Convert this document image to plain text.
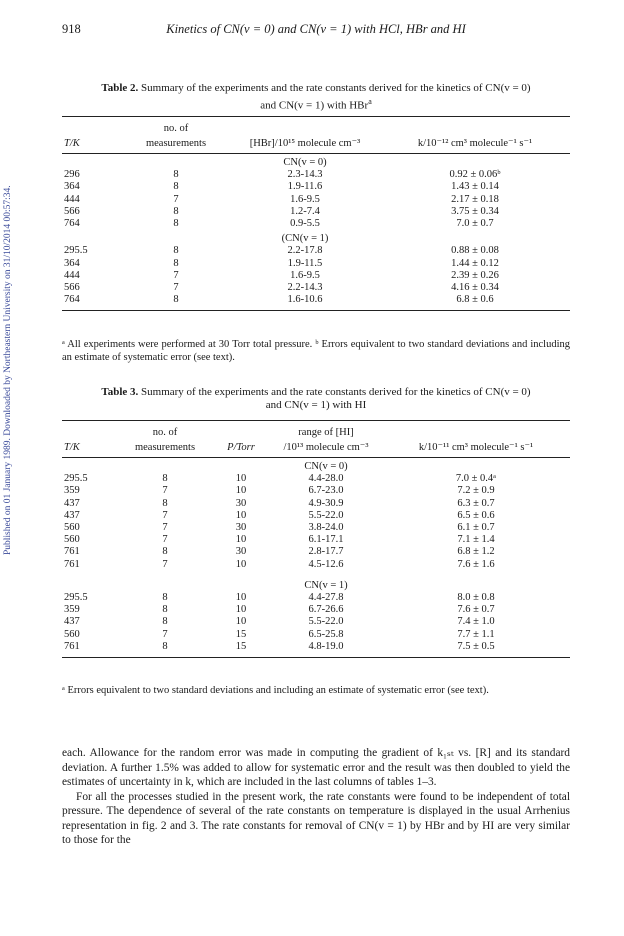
Published on 01 January 1989. Downloaded by Northeastern University on 31/10/2014 00:57:34.
918	Kinetics of CN(v = 0) and CN(v = 1) with HCl, HBr and HI
Table 2. Summary of the experiments and the rate constants derived for the kinetics of CN(v = 0)
and CN(v = 1) with HBr$^a$
	no. of		
T/K	measurements	[HBr]/10¹⁵ molecule cm⁻³	k/10⁻¹² cm³ molecule⁻¹ s⁻¹
		CN(v = 0)	
296	8	2.3-14.3	0.92 ± 0.06ᵇ
364	8	1.9-11.6	1.43 ± 0.14
444	7	1.6-9.5	2.17 ± 0.18
566	8	1.2-7.4	3.75 ± 0.34
764	8	0.9-5.5	7.0 ± 0.7
		(CN(v = 1)	
295.5	8	2.2-17.8	0.88 ± 0.08
364	8	1.9-11.5	1.44 ± 0.12
444	7	1.6-9.5	2.39 ± 0.26
566	7	2.2-14.3	4.16 ± 0.34
764	8	1.6-10.6	6.8 ± 0.6
ᵃ All experiments were performed at 30 Torr total pressure. ᵇ Errors equivalent to two standard deviations and including an estimate of systematic error (see text).
Table 3. Summary of the experiments and the rate constants derived for the kinetics of CN(v = 0)
and CN(v = 1) with HI
	no. of		range of [HI]	
T/K	measurements	P/Torr	/10¹³ molecule cm⁻³	k/10⁻¹¹ cm³ molecule⁻¹ s⁻¹
			CN(v = 0)	
295.5	8	10	4.4-28.0	7.0 ± 0.4ᵃ
359	7	10	6.7-23.0	7.2 ± 0.9
437	8	30	4.9-30.9	6.3 ± 0.7
437	7	10	5.5-22.0	6.5 ± 0.6
560	7	30	3.8-24.0	6.1 ± 0.7
560	7	10	6.1-17.1	7.1 ± 1.4
761	8	30	2.8-17.7	6.8 ± 1.2
761	7	10	4.5-12.6	7.6 ± 1.6

			CN(v = 1)	
295.5	8	10	4.4-27.8	8.0 ± 0.8
359	8	10	6.7-26.6	7.6 ± 0.7
437	8	10	5.5-22.0	7.4 ± 1.0
560	7	15	6.5-25.8	7.7 ± 1.1
761	8	15	4.8-19.0	7.5 ± 0.5
ᵃ Errors equivalent to two standard deviations and including an estimate of systematic error (see text).

each. Allowance for the random error was made in computing the gradient of k₁ₛₜ vs. [R] and its standard deviation. A further 1.5% was added to allow for systematic error and the result was then doubled to yield the estimates of uncertainty in k, which are included in the last columns of tables 1–3.

For all the processes studied in the present work, the rate constants were found to be independent of total pressure. The dependence of several of the rate constants on temperature is displayed in the usual Arrhenius representation in fig. 2 and 3. The rate constants for removal of CN(v = 1) by HBr and by HI are very similar to those for the
